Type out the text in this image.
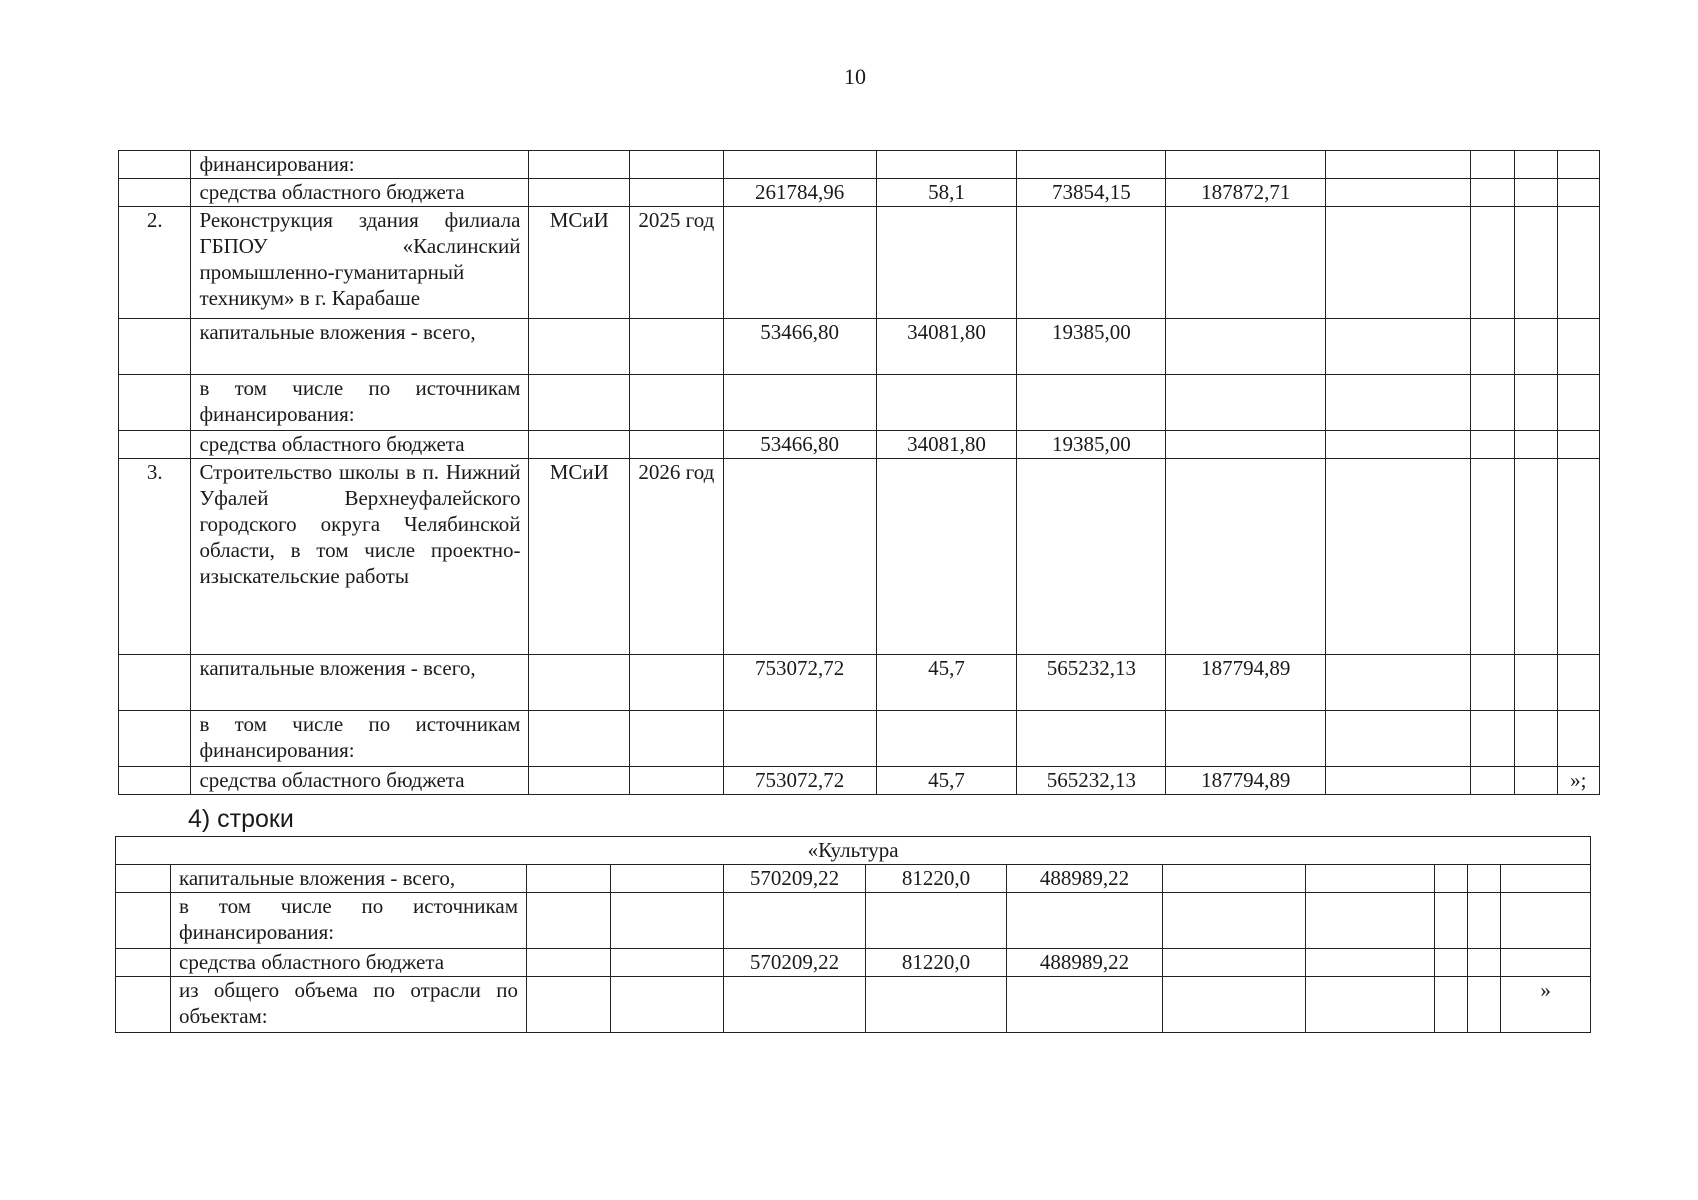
10
	финансирования:										
	средства областного бюджета			261784,96	58,1	73854,15	187872,71				
2.	Реконструкция здания филиала ГБПОУ «Каслинский промышленно-гуманитарный техникум» в г. Карабаше	МСиИ	2025 год								
	капитальные вложения - всего,			53466,80	34081,80	19385,00					
	в том числе по источникам финансирования:										
	средства областного бюджета			53466,80	34081,80	19385,00					
3.	Строительство школы в п. Нижний Уфалей Верхнеуфалейского городского округа Челябинской области, в том числе проектно-изыскательские работы	МСиИ	2026 год								
	капитальные вложения - всего,			753072,72	45,7	565232,13	187794,89				
	в том числе по источникам финансирования:										
	средства областного бюджета			753072,72	45,7	565232,13	187794,89				»;
4) строки
«Культура											
	капитальные вложения - всего,			570209,22	81220,0	488989,22					
	в том числе по источникам финансирования:										
	средства областного бюджета			570209,22	81220,0	488989,22					
	из общего объема по отрасли по объектам:										»
